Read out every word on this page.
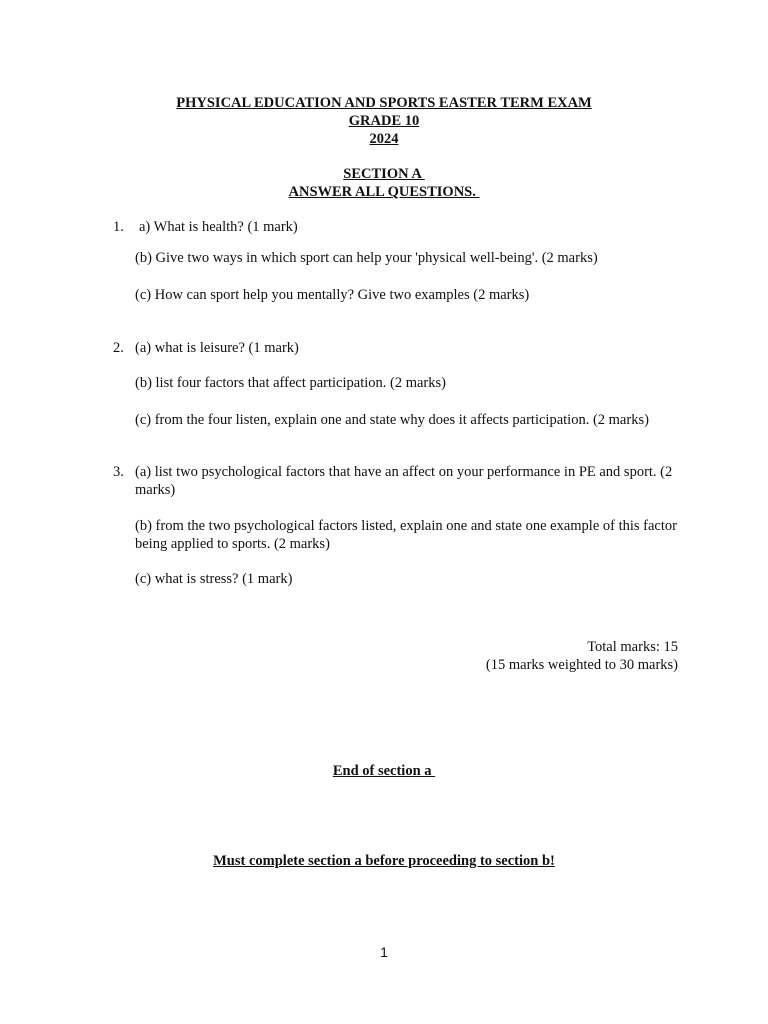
PHYSICAL EDUCATION AND SPORTS EASTER TERM EXAM
GRADE 10
2024
SECTION A
ANSWER ALL QUESTIONS.
1. a) What is health? (1 mark)
(b) Give two ways in which sport can help your 'physical well-being'. (2 marks)
(c) How can sport help you mentally? Give two examples (2 marks)
2. (a) what is leisure? (1 mark)
(b) list four factors that affect participation. (2 marks)
(c) from the four listen, explain one and state why does it affects participation. (2 marks)
3. (a) list two psychological factors that have an affect on your performance in PE and sport. (2 marks)
(b) from the two psychological factors listed, explain one and state one example of this factor being applied to sports. (2 marks)
(c) what is stress? (1 mark)
Total marks: 15
(15 marks weighted to 30 marks)
End of section a
Must complete section a before proceeding to section b!
1
